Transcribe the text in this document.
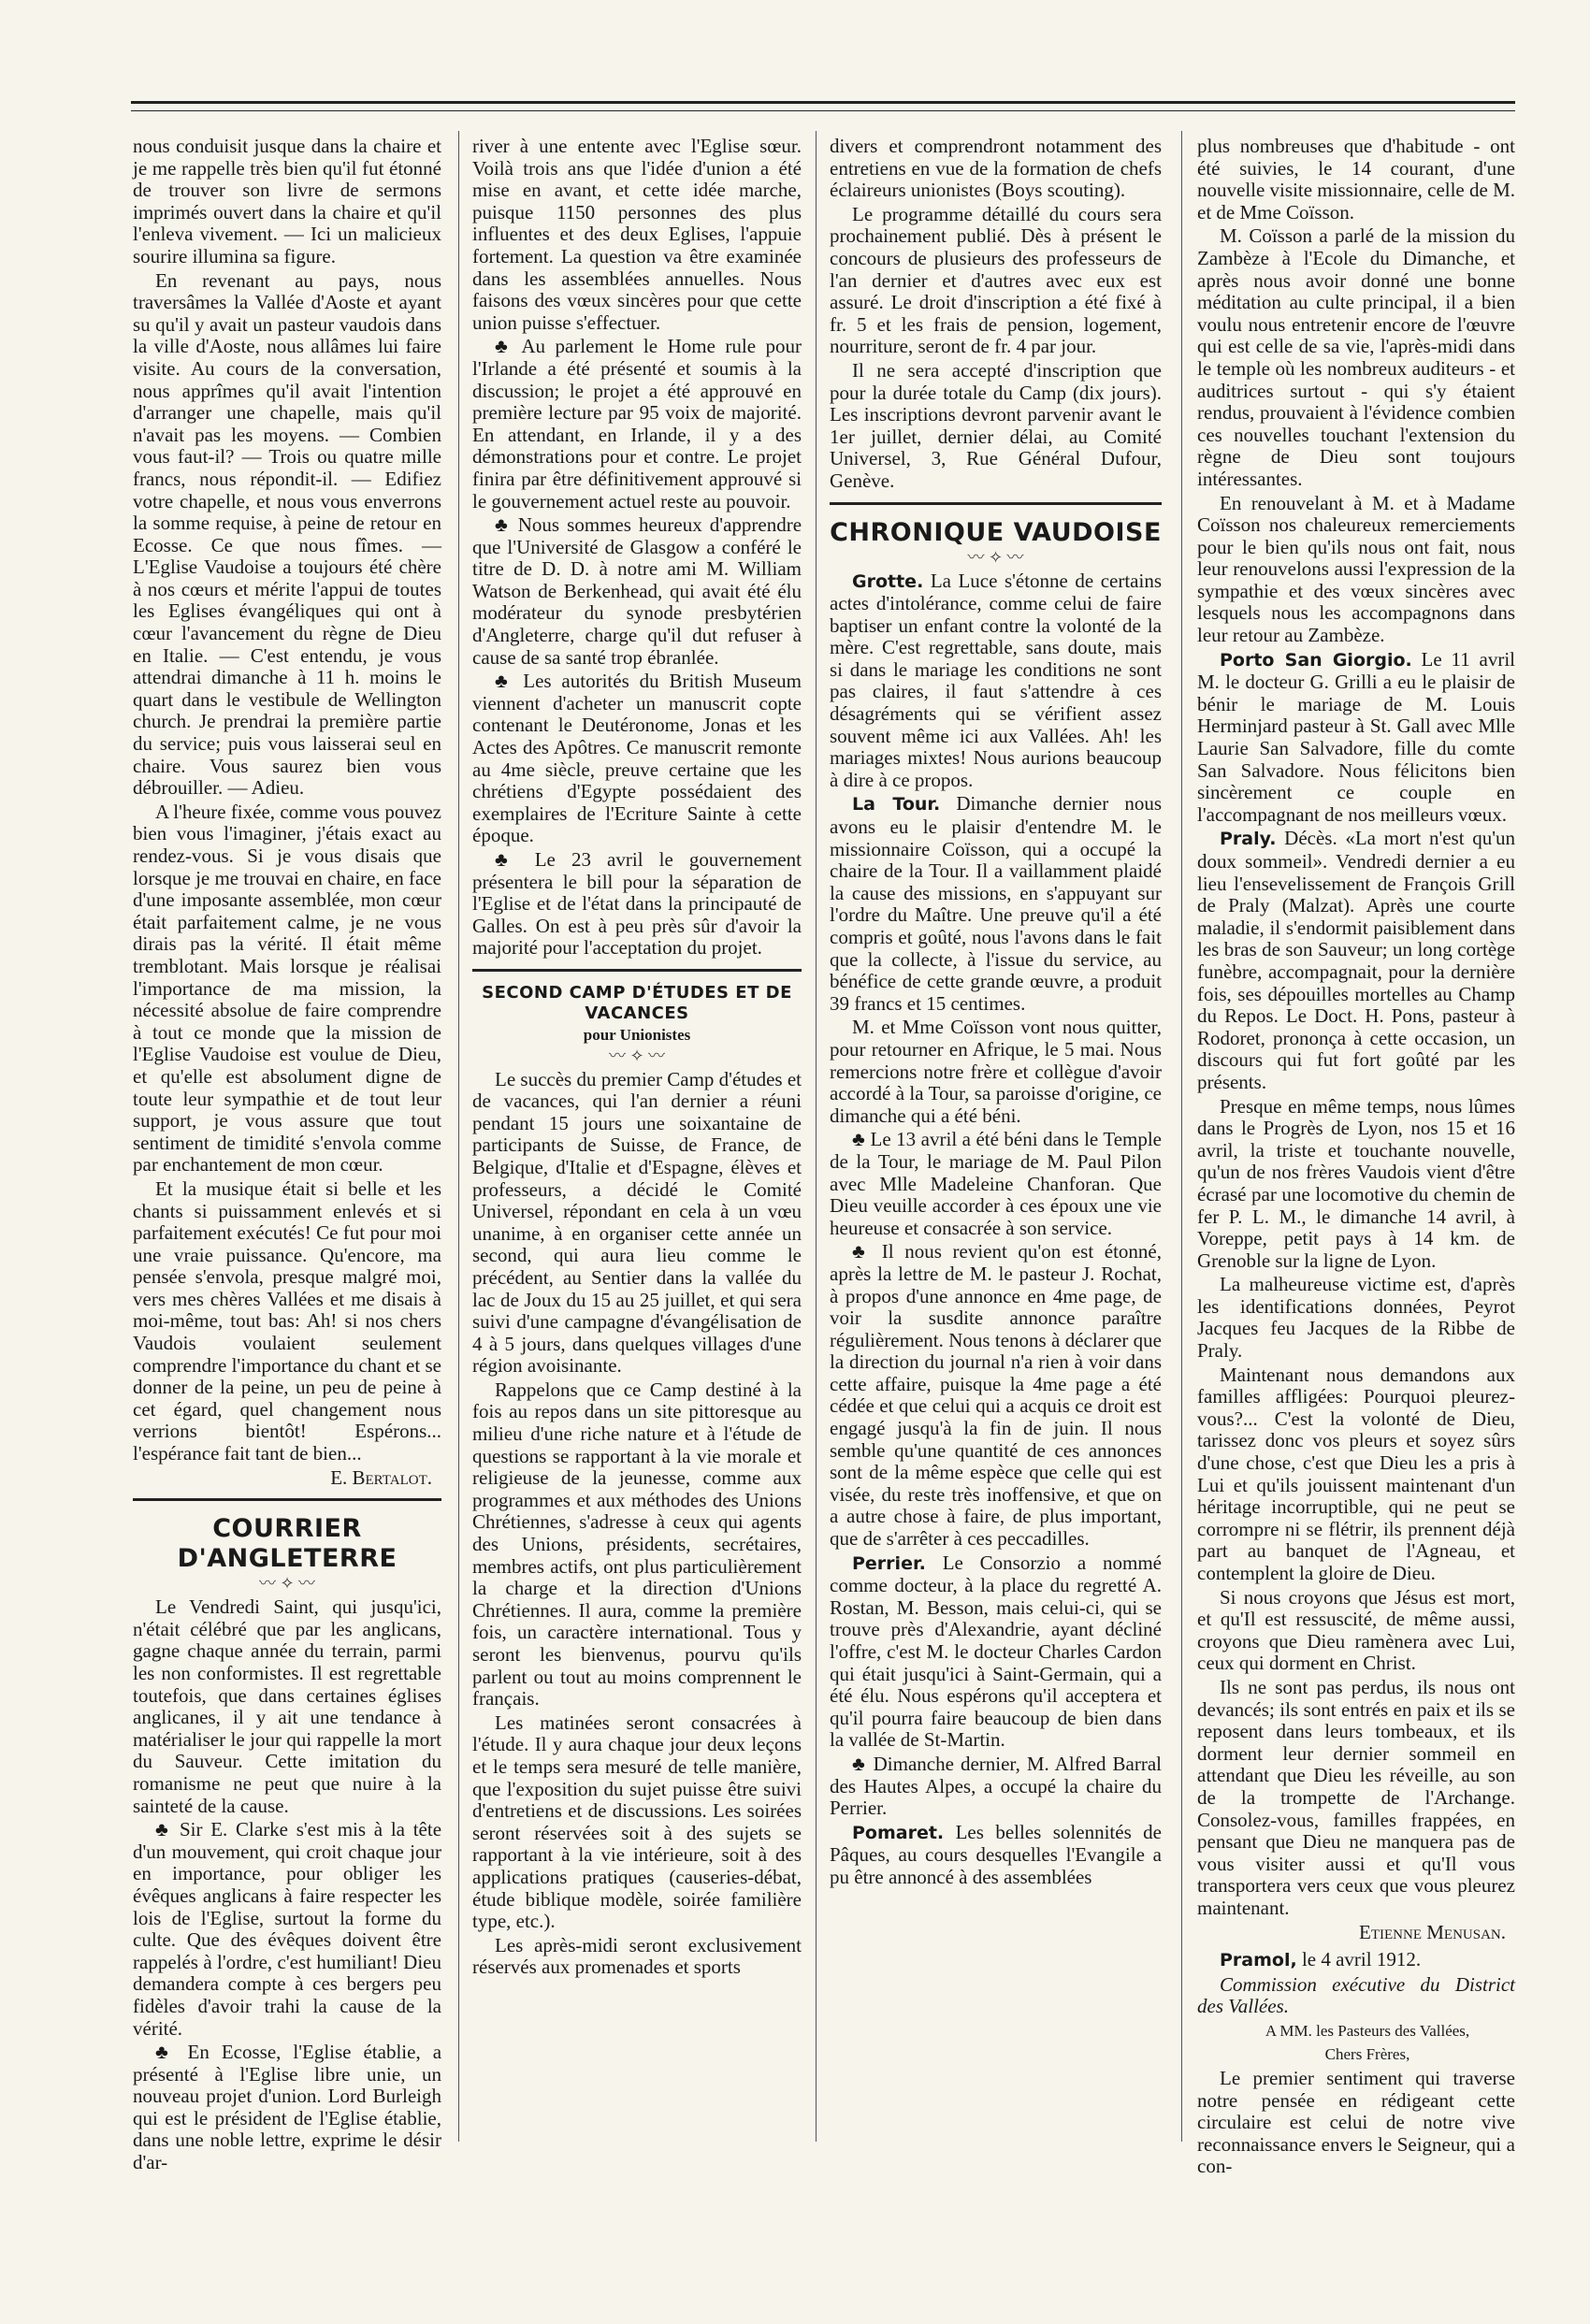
nous conduisit jusque dans la chaire et je me rappelle très bien qu'il fut étonné de trouver son livre de sermons imprimés ouvert dans la chaire et qu'il l'enleva vivement. — Ici un malicieux sourire illumina sa figure.

En revenant au pays, nous traversâmes la Vallée d'Aoste et ayant su qu'il y avait un pasteur vaudois dans la ville d'Aoste, nous allâmes lui faire visite. Au cours de la conversation, nous apprîmes qu'il avait l'intention d'arranger une chapelle, mais qu'il n'avait pas les moyens. — Combien vous faut-il? — Trois ou quatre mille francs, nous répondit-il. — Edifiez votre chapelle, et nous vous enverrons la somme requise, à peine de retour en Ecosse. Ce que nous fîmes. — L'Eglise Vaudoise a toujours été chère à nos cœurs et mérite l'appui de toutes les Eglises évangéliques qui ont à cœur l'avancement du règne de Dieu en Italie. — C'est entendu, je vous attendrai dimanche à 11 h. moins le quart dans le vestibule de Wellington church. Je prendrai la première partie du service; puis vous laisserai seul en chaire. Vous saurez bien vous débrouiller. — Adieu.

A l'heure fixée, comme vous pouvez bien vous l'imaginer, j'étais exact au rendez-vous. Si je vous disais que lorsque je me trouvai en chaire, en face d'une imposante assemblée, mon cœur était parfaitement calme, je ne vous dirais pas la vérité. Il était même tremblotant. Mais lorsque je réalisai l'importance de ma mission, la nécessité absolue de faire comprendre à tout ce monde que la mission de l'Eglise Vaudoise est voulue de Dieu, et qu'elle est absolument digne de toute leur sympathie et de tout leur support, je vous assure que tout sentiment de timidité s'envola comme par enchantement de mon cœur.

Et la musique était si belle et les chants si puissamment enlevés et si parfaitement exécutés! Ce fut pour moi une vraie puissance. Qu'encore, ma pensée s'envola, presque malgré moi, vers mes chères Vallées et me disais à moi-même, tout bas: Ah! si nos chers Vaudois voulaient seulement comprendre l'importance du chant et se donner de la peine, un peu de peine à cet égard, quel changement nous verrions bientôt! Espérons... l'espérance fait tant de bien...

E. Bertalot.
COURRIER D'ANGLETERRE
〰 ✧ 〰

Le Vendredi Saint, qui jusqu'ici, n'était célébré que par les anglicans, gagne chaque année du terrain, parmi les non conformistes. Il est regrettable toutefois, que dans certaines églises anglicanes, il y ait une tendance à matérialiser le jour qui rappelle la mort du Sauveur. Cette imitation du romanisme ne peut que nuire à la sainteté de la cause.

♣ Sir E. Clarke s'est mis à la tête d'un mouvement, qui croit chaque jour en importance, pour obliger les évêques anglicans à faire respecter les lois de l'Eglise, surtout la forme du culte. Que des évêques doivent être rappelés à l'ordre, c'est humiliant! Dieu demandera compte à ces bergers peu fidèles d'avoir trahi la cause de la vérité.

♣ En Ecosse, l'Eglise établie, a présenté à l'Eglise libre unie, un nouveau projet d'union. Lord Burleigh qui est le président de l'Eglise établie, dans une noble lettre, exprime le désir d'ar-

river à une entente avec l'Eglise sœur. Voilà trois ans que l'idée d'union a été mise en avant, et cette idée marche, puisque 1150 personnes des plus influentes et des deux Eglises, l'appuie fortement. La question va être examinée dans les assemblées annuelles. Nous faisons des vœux sincères pour que cette union puisse s'effectuer.

♣ Au parlement le Home rule pour l'Irlande a été présenté et soumis à la discussion; le projet a été approuvé en première lecture par 95 voix de majorité. En attendant, en Irlande, il y a des démonstrations pour et contre. Le projet finira par être définitivement approuvé si le gouvernement actuel reste au pouvoir.

♣ Nous sommes heureux d'apprendre que l'Université de Glasgow a conféré le titre de D. D. à notre ami M. William Watson de Berkenhead, qui avait été élu modérateur du synode presbytérien d'Angleterre, charge qu'il dut refuser à cause de sa santé trop ébranlée.

♣ Les autorités du British Museum viennent d'acheter un manuscrit copte contenant le Deutéronome, Jonas et les Actes des Apôtres. Ce manuscrit remonte au 4me siècle, preuve certaine que les chrétiens d'Egypte possédaient des exemplaires de l'Ecriture Sainte à cette époque.

♣ Le 23 avril le gouvernement présentera le bill pour la séparation de l'Eglise et de l'état dans la principauté de Galles. On est à peu près sûr d'avoir la majorité pour l'acceptation du projet.

SECOND CAMP D'ÉTUDES ET DE VACANCES
pour Unionistes
〰 ✧ 〰

Le succès du premier Camp d'études et de vacances, qui l'an dernier a réuni pendant 15 jours une soixantaine de participants de Suisse, de France, de Belgique, d'Italie et d'Espagne, élèves et professeurs, a décidé le Comité Universel, répondant en cela à un vœu unanime, à en organiser cette année un second, qui aura lieu comme le précédent, au Sentier dans la vallée du lac de Joux du 15 au 25 juillet, et qui sera suivi d'une campagne d'évangélisation de 4 à 5 jours, dans quelques villages d'une région avoisinante.

Rappelons que ce Camp destiné à la fois au repos dans un site pittoresque au milieu d'une riche nature et à l'étude de questions se rapportant à la vie morale et religieuse de la jeunesse, comme aux programmes et aux méthodes des Unions Chrétiennes, s'adresse à ceux qui agents des Unions, présidents, secrétaires, membres actifs, ont plus particulièrement la charge et la direction d'Unions Chrétiennes. Il aura, comme la première fois, un caractère international. Tous y seront les bienvenus, pourvu qu'ils parlent ou tout au moins comprennent le français.

Les matinées seront consacrées à l'étude. Il y aura chaque jour deux leçons et le temps sera mesuré de telle manière, que l'exposition du sujet puisse être suivi d'entretiens et de discussions. Les soirées seront réservées soit à des sujets se rapportant à la vie intérieure, soit à des applications pratiques (causeries-débat, étude biblique modèle, soirée familière type, etc.).

Les après-midi seront exclusivement réservés aux promenades et sports

divers et comprendront notamment des entretiens en vue de la formation de chefs éclaireurs unionistes (Boys scouting).

Le programme détaillé du cours sera prochainement publié. Dès à présent le concours de plusieurs des professeurs de l'an dernier et d'autres avec eux est assuré. Le droit d'inscription a été fixé à fr. 5 et les frais de pension, logement, nourriture, seront de fr. 4 par jour.

Il ne sera accepté d'inscription que pour la durée totale du Camp (dix jours). Les inscriptions devront parvenir avant le 1er juillet, dernier délai, au Comité Universel, 3, Rue Général Dufour, Genève.

CHRONIQUE VAUDOISE
〰 ✧ 〰

Grotte. La Luce s'étonne de certains actes d'intolérance, comme celui de faire baptiser un enfant contre la volonté de la mère. C'est regrettable, sans doute, mais si dans le mariage les conditions ne sont pas claires, il faut s'attendre à ces désagréments qui se vérifient assez souvent même ici aux Vallées. Ah! les mariages mixtes! Nous aurions beaucoup à dire à ce propos.

La Tour. Dimanche dernier nous avons eu le plaisir d'entendre M. le missionnaire Coïsson, qui a occupé la chaire de la Tour. Il a vaillamment plaidé la cause des missions, en s'appuyant sur l'ordre du Maître. Une preuve qu'il a été compris et goûté, nous l'avons dans le fait que la collecte, à l'issue du service, au bénéfice de cette grande œuvre, a produit 39 francs et 15 centimes.

M. et Mme Coïsson vont nous quitter, pour retourner en Afrique, le 5 mai. Nous remercions notre frère et collègue d'avoir accordé à la Tour, sa paroisse d'origine, ce dimanche qui a été béni.

♣ Le 13 avril a été béni dans le Temple de la Tour, le mariage de M. Paul Pilon avec Mlle Madeleine Chanforan. Que Dieu veuille accorder à ces époux une vie heureuse et consacrée à son service.

♣ Il nous revient qu'on est étonné, après la lettre de M. le pasteur J. Rochat, à propos d'une annonce en 4me page, de voir la susdite annonce paraître régulièrement. Nous tenons à déclarer que la direction du journal n'a rien à voir dans cette affaire, puisque la 4me page a été cédée et que celui qui a acquis ce droit est engagé jusqu'à la fin de juin. Il nous semble qu'une quantité de ces annonces sont de la même espèce que celle qui est visée, du reste très inoffensive, et que on a autre chose à faire, de plus important, que de s'arrêter à ces peccadilles.

Perrier. Le Consorzio a nommé comme docteur, à la place du regretté A. Rostan, M. Besson, mais celui-ci, qui se trouve près d'Alexandrie, ayant décliné l'offre, c'est M. le docteur Charles Cardon qui était jusqu'ici à Saint-Germain, qui a été élu. Nous espérons qu'il acceptera et qu'il pourra faire beaucoup de bien dans la vallée de St-Martin.

♣ Dimanche dernier, M. Alfred Barral des Hautes Alpes, a occupé la chaire du Perrier.

Pomaret. Les belles solennités de Pâques, au cours desquelles l'Evangile a pu être annoncé à des assemblées

plus nombreuses que d'habitude - ont été suivies, le 14 courant, d'une nouvelle visite missionnaire, celle de M. et de Mme Coïsson.

M. Coïsson a parlé de la mission du Zambèze à l'Ecole du Dimanche, et après nous avoir donné une bonne méditation au culte principal, il a bien voulu nous entretenir encore de l'œuvre qui est celle de sa vie, l'après-midi dans le temple où les nombreux auditeurs - et auditrices surtout - qui s'y étaient rendus, prouvaient à l'évidence combien ces nouvelles touchant l'extension du règne de Dieu sont toujours intéressantes.

En renouvelant à M. et à Madame Coïsson nos chaleureux remerciements pour le bien qu'ils nous ont fait, nous leur renouvelons aussi l'expression de la sympathie et des vœux sincères avec lesquels nous les accompagnons dans leur retour au Zambèze.

Porto San Giorgio. Le 11 avril M. le docteur G. Grilli a eu le plaisir de bénir le mariage de M. Louis Herminjard pasteur à St. Gall avec Mlle Laurie San Salvadore, fille du comte San Salvadore. Nous félicitons bien sincèrement ce couple en l'accompagnant de nos meilleurs vœux.

Praly. Décès. «La mort n'est qu'un doux sommeil». Vendredi dernier a eu lieu l'ensevelissement de François Grill de Praly (Malzat). Après une courte maladie, il s'endormit paisiblement dans les bras de son Sauveur; un long cortège funèbre, accompagnait, pour la dernière fois, ses dépouilles mortelles au Champ du Repos. Le Doct. H. Pons, pasteur à Rodoret, prononça à cette occasion, un discours qui fut fort goûté par les présents.

Presque en même temps, nous lûmes dans le Progrès de Lyon, nos 15 et 16 avril, la triste et touchante nouvelle, qu'un de nos frères Vaudois vient d'être écrasé par une locomotive du chemin de fer P. L. M., le dimanche 14 avril, à Voreppe, petit pays à 14 km. de Grenoble sur la ligne de Lyon.

La malheureuse victime est, d'après les identifications données, Peyrot Jacques feu Jacques de la Ribbe de Praly.

Maintenant nous demandons aux familles affligées: Pourquoi pleurez-vous?... C'est la volonté de Dieu, tarissez donc vos pleurs et soyez sûrs d'une chose, c'est que Dieu les a pris à Lui et qu'ils jouissent maintenant d'un héritage incorruptible, qui ne peut se corrompre ni se flétrir, ils prennent déjà part au banquet de l'Agneau, et contemplent la gloire de Dieu.

Si nous croyons que Jésus est mort, et qu'Il est ressuscité, de même aussi, croyons que Dieu ramènera avec Lui, ceux qui dorment en Christ.

Ils ne sont pas perdus, ils nous ont devancés; ils sont entrés en paix et ils se reposent dans leurs tombeaux, et ils dorment leur dernier sommeil en attendant que Dieu les réveille, au son de la trompette de l'Archange. Consolez-vous, familles frappées, en pensant que Dieu ne manquera pas de vous visiter aussi et qu'Il vous transportera vers ceux que vous pleurez maintenant.

Etienne Menusan.

Pramol, le 4 avril 1912.

Commission exécutive du District des Vallées.

A MM. les Pasteurs des Vallées,

Chers Frères,

Le premier sentiment qui traverse notre pensée en rédigeant cette circulaire est celui de notre vive reconnaissance envers le Seigneur, qui a con-
